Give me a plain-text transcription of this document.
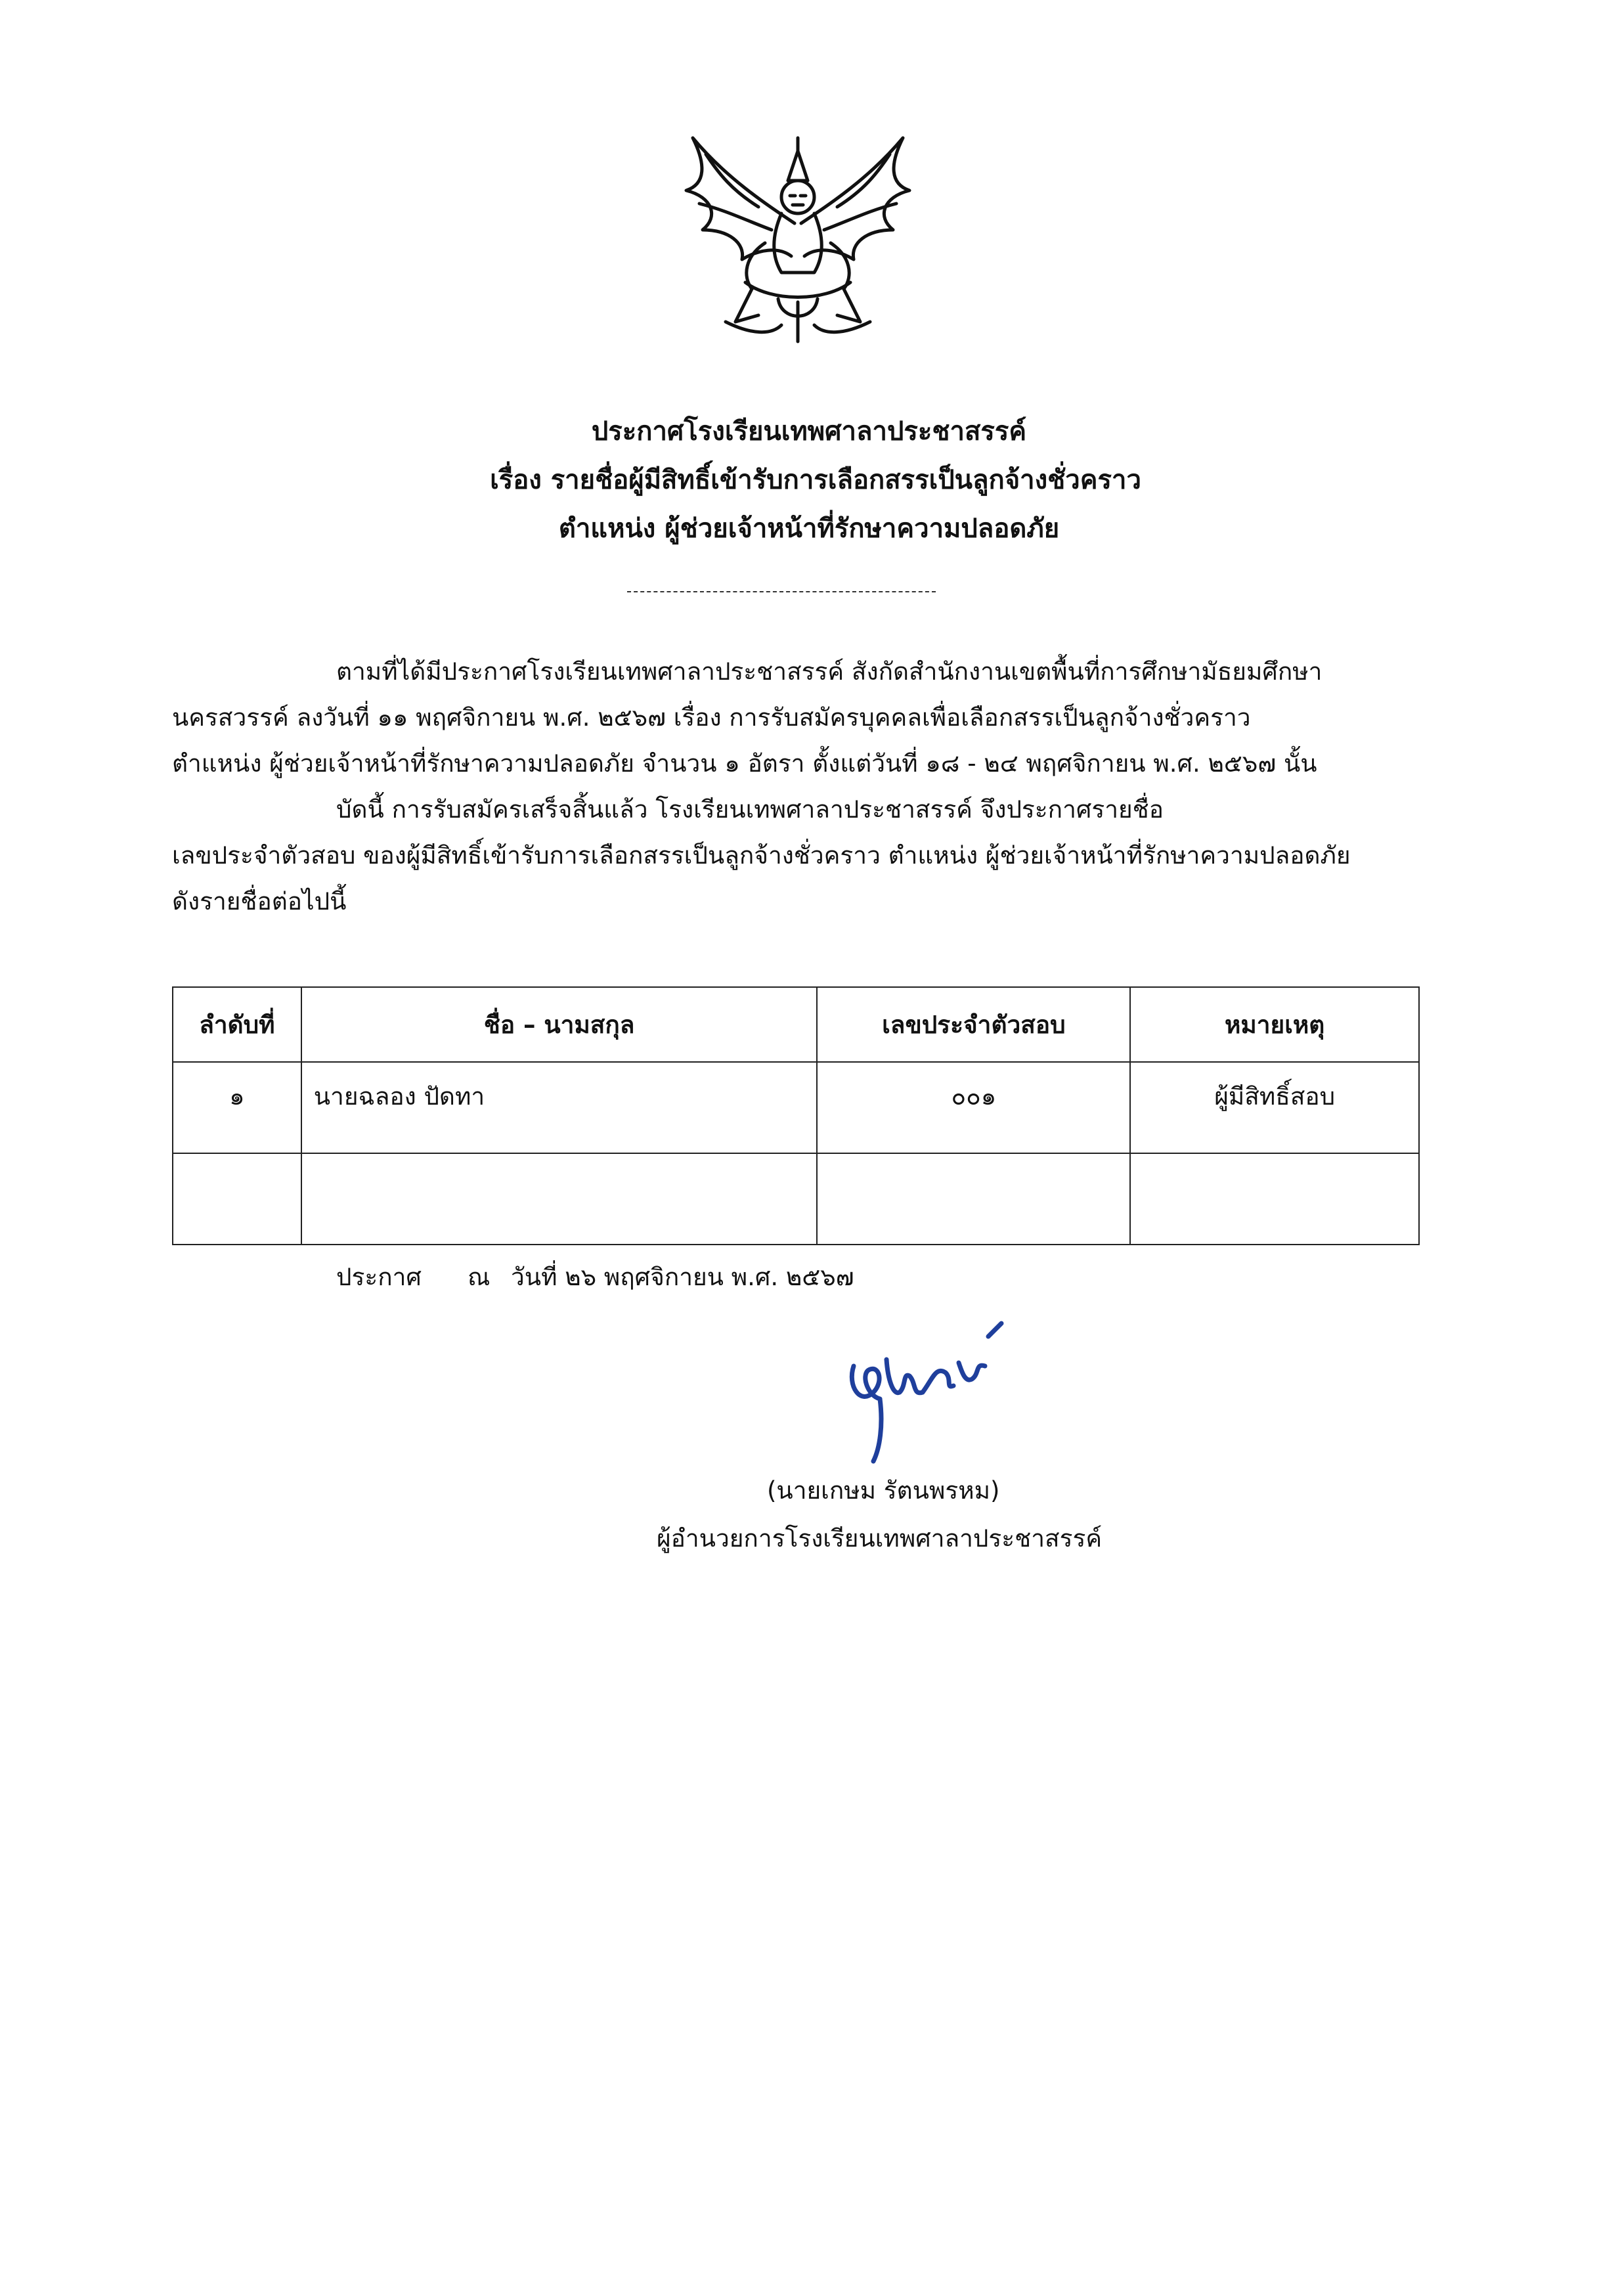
ประกาศโรงเรียนเทพศาลาประชาสรรค์
เรื่อง รายชื่อผู้มีสิทธิ์เข้ารับการเลือกสรรเป็นลูกจ้างชั่วคราว
ตำแหน่ง ผู้ช่วยเจ้าหน้าที่รักษาความปลอดภัย
ตามที่ได้มีประกาศโรงเรียนเทพศาลาประชาสรรค์ สังกัดสำนักงานเขตพื้นที่การศึกษามัธยมศึกษา
นครสวรรค์ ลงวันที่ ๑๑ พฤศจิกายน พ.ศ. ๒๕๖๗ เรื่อง การรับสมัครบุคคลเพื่อเลือกสรรเป็นลูกจ้างชั่วคราว
ตำแหน่ง ผู้ช่วยเจ้าหน้าที่รักษาความปลอดภัย จำนวน ๑ อัตรา ตั้งแต่วันที่ ๑๘ - ๒๔ พฤศจิกายน พ.ศ. ๒๕๖๗ นั้น
บัดนี้ การรับสมัครเสร็จสิ้นแล้ว โรงเรียนเทพศาลาประชาสรรค์ จึงประกาศรายชื่อ
เลขประจำตัวสอบ ของผู้มีสิทธิ์เข้ารับการเลือกสรรเป็นลูกจ้างชั่วคราว ตำแหน่ง ผู้ช่วยเจ้าหน้าที่รักษาความปลอดภัย
ดังรายชื่อต่อไปนี้
ลำดับที่	ชื่อ – นามสกุล	เลขประจำตัวสอบ	หมายเหตุ
๑	นายฉลอง ปัดทา	๐๐๑	ผู้มีสิทธิ์สอบ

ประกาศ ณ วันที่ ๒๖ พฤศจิกายน พ.ศ. ๒๕๖๗
(นายเกษม รัตนพรหม)
ผู้อำนวยการโรงเรียนเทพศาลาประชาสรรค์
